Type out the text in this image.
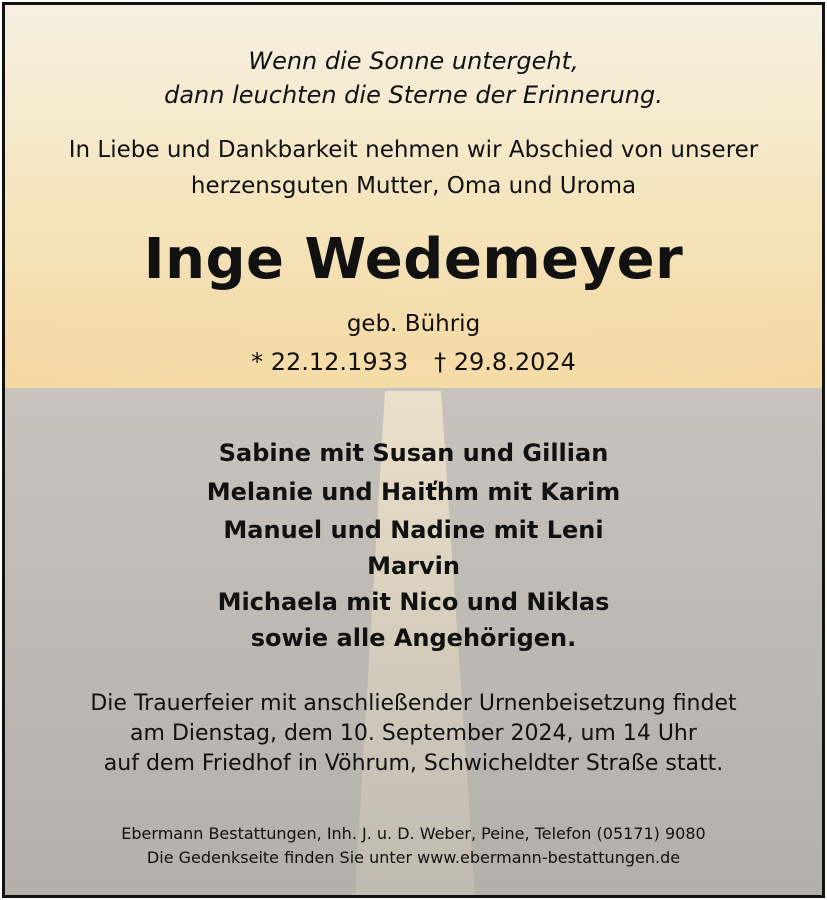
Wenn die Sonne untergeht,
dann leuchten die Sterne der Erinnerung.
In Liebe und Dankbarkeit nehmen wir Abschied von unserer
herzensguten Mutter, Oma und Uroma
Inge Wedemeyer
geb. Bührig
* 22.12.1933 † 29.8.2024
Sabine mit Susan und Gillian
Melanie und Haiťhm mit Karim
Manuel und Nadine mit Leni
Marvin
Michaela mit Nico und Niklas
sowie alle Angehörigen.
Die Trauerfeier mit anschließender Urnenbeisetzung findet
am Dienstag, dem 10. September 2024, um 14 Uhr
auf dem Friedhof in Vöhrum, Schwicheldter Straße statt.
Ebermann Bestattungen, Inh. J. u. D. Weber, Peine, Telefon (05171) 9080
Die Gedenkseite finden Sie unter www.ebermann-bestattungen.de
